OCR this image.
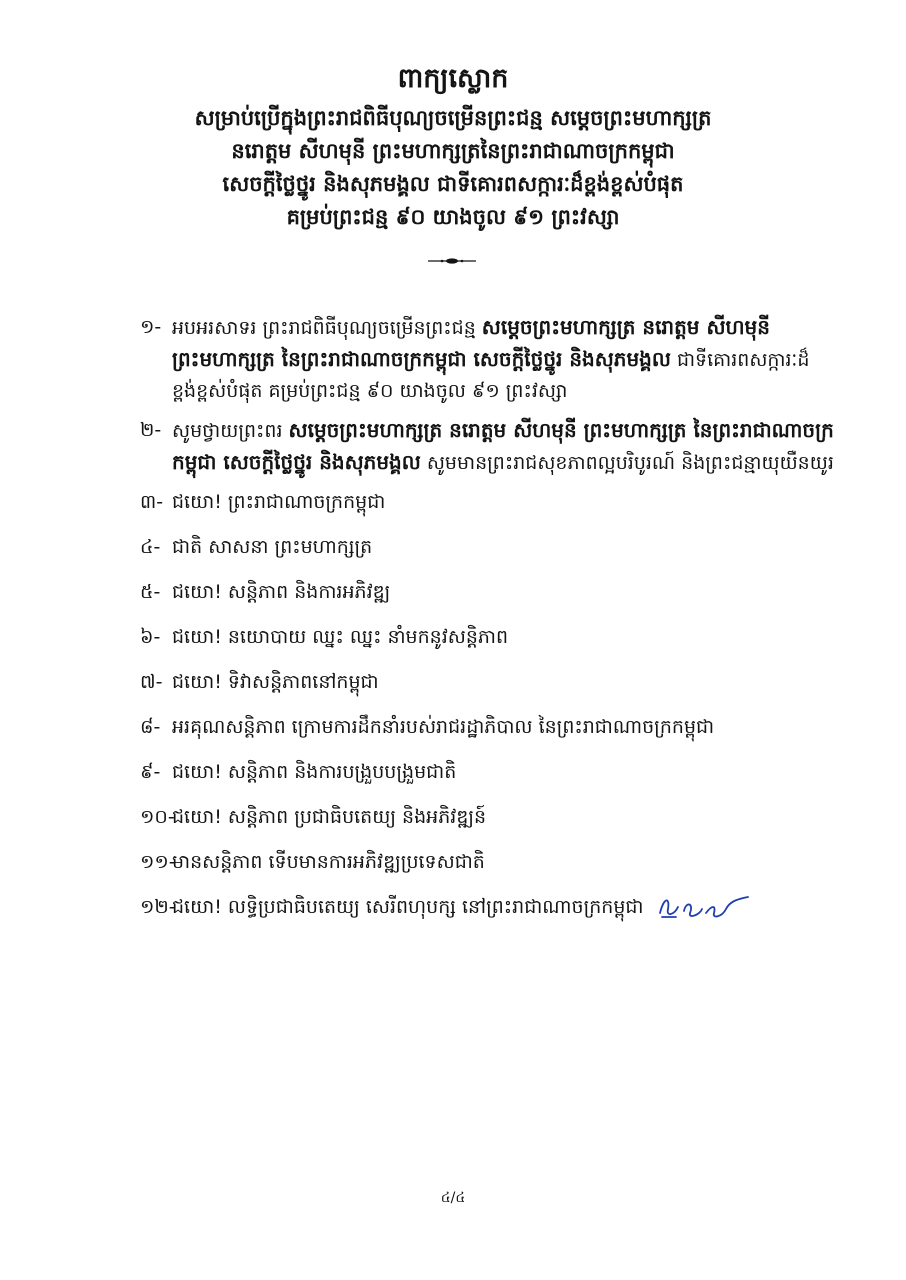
ពាក្យស្លោក

សម្រាប់ប្រើក្នុងព្រះរាជពិធីបុណ្យចម្រើនព្រះជន្ម សម្តេចព្រះមហាក្សត្រ

នរោត្តម សីហមុនី ព្រះមហាក្សត្រនៃព្រះរាជាណាចក្រកម្ពុជា

សេចក្តីថ្លៃថ្នូរ និងសុភមង្គល ជាទីគោរពសក្ការៈដ៏ខ្ពង់ខ្ពស់បំផុត

គម្រប់ព្រះជន្ម ៩០ យាងចូល ៩១ ព្រះវស្សា

១- អបអរសាទរ ព្រះរាជពិធីបុណ្យចម្រើនព្រះជន្ម សម្តេចព្រះមហាក្សត្រ នរោត្តម សីហមុនី ព្រះមហាក្សត្រ នៃព្រះរាជាណាចក្រកម្ពុជា សេចក្តីថ្លៃថ្នូរ និងសុភមង្គល ជាទីគោរពសក្ការៈដ៏ខ្ពង់ខ្ពស់បំផុត គម្រប់ព្រះជន្ម ៩០ យាងចូល ៩១ ព្រះវស្សា
២- សូមថ្វាយព្រះពរ សម្តេចព្រះមហាក្សត្រ នរោត្តម សីហមុនី ព្រះមហាក្សត្រ នៃព្រះរាជាណាចក្រកម្ពុជា សេចក្តីថ្លៃថ្នូរ និងសុភមង្គល សូមមានព្រះរាជសុខភាពល្អបរិបូរណ៍ និងព្រះជន្មាយុយឺនយូរ
៣- ជយោ! ព្រះរាជាណាចក្រកម្ពុជា
៤- ជាតិ សាសនា ព្រះមហាក្សត្រ
៥- ជយោ! សន្តិភាព និងការអភិវឌ្ឍ
៦- ជយោ! នយោបាយ ឈ្នះ ឈ្នះ នាំមកនូវសន្តិភាព
៧- ជយោ! ទិវាសន្តិភាពនៅកម្ពុជា
៨- អរគុណសន្តិភាព ក្រោមការដឹកនាំរបស់រាជរដ្ឋាភិបាល នៃព្រះរាជាណាចក្រកម្ពុជា
៩- ជយោ! សន្តិភាព និងការបង្រួបបង្រួមជាតិ
១០-
ជយោ! សន្តិភាព ប្រជាធិបតេយ្យ និងអភិវឌ្ឍន៍
១១-
មានសន្តិភាព ទើបមានការអភិវឌ្ឍប្រទេសជាតិ
១២-
ជយោ! លទ្ធិប្រជាធិបតេយ្យ សេរីពហុបក្ស នៅព្រះរាជាណាចក្រកម្ពុជា
៤/៤
